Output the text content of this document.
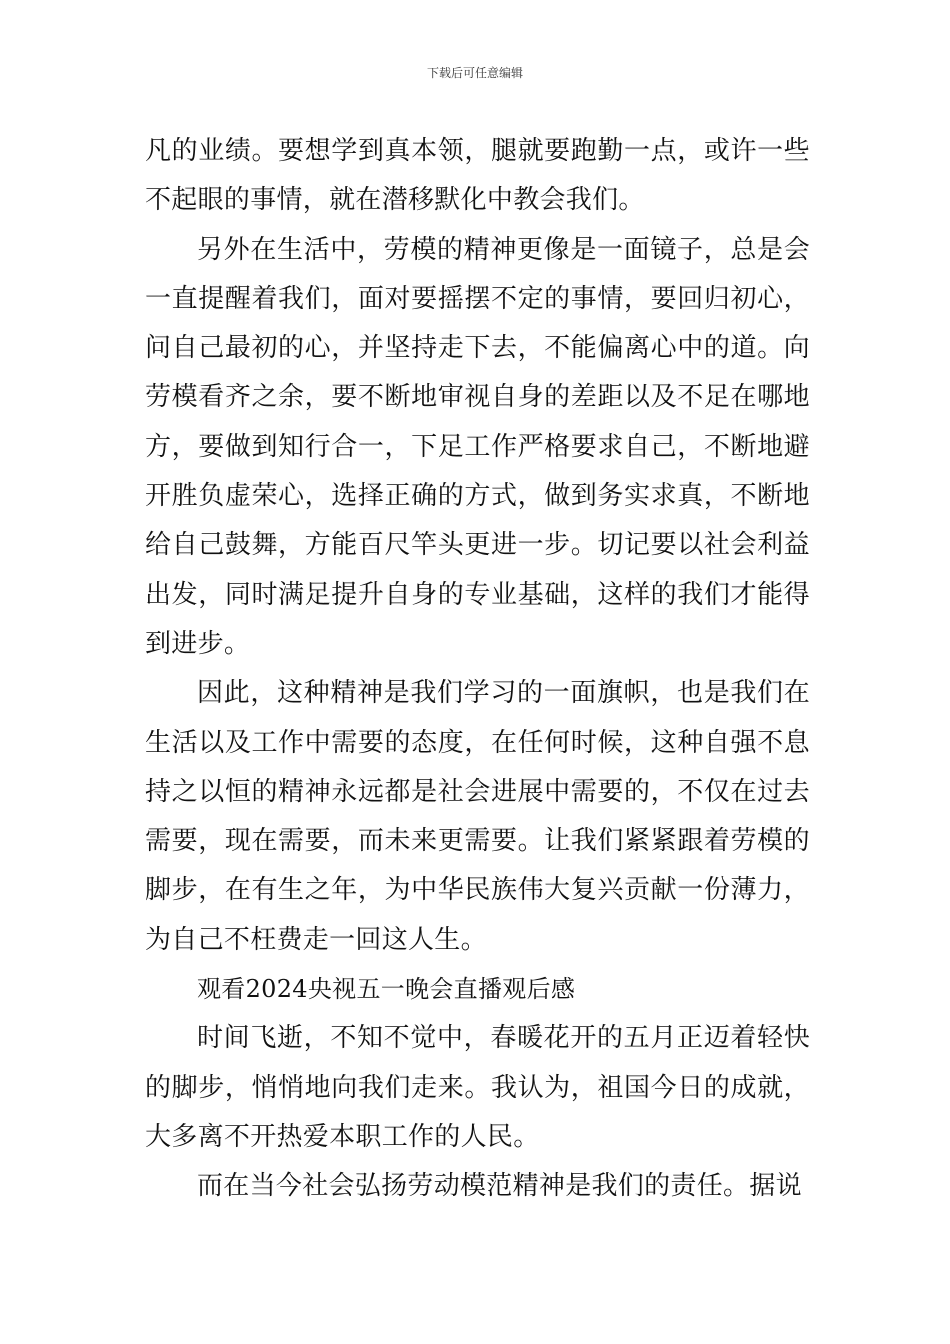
下载后可任意编辑

凡的业绩。要想学到真本领，腿就要跑勤一点，或许一些不起眼的事情，就在潜移默化中教会我们。

另外在生活中，劳模的精神更像是一面镜子，总是会一直提醒着我们，面对要摇摆不定的事情，要回归初心，问自己最初的心，并坚持走下去，不能偏离心中的道。向劳模看齐之余，要不断地审视自身的差距以及不足在哪地方，要做到知行合一，下足工作严格要求自己，不断地避开胜负虚荣心，选择正确的方式，做到务实求真，不断地给自己鼓舞，方能百尺竿头更进一步。切记要以社会利益出发，同时满足提升自身的专业基础，这样的我们才能得到进步。

因此，这种精神是我们学习的一面旗帜，也是我们在生活以及工作中需要的态度，在任何时候，这种自强不息持之以恒的精神永远都是社会进展中需要的，不仅在过去需要，现在需要，而未来更需要。让我们紧紧跟着劳模的脚步，在有生之年，为中华民族伟大复兴贡献一份薄力，为自己不枉费走一回这人生。

观看2024央视五一晚会直播观后感

时间飞逝，不知不觉中，春暖花开的五月正迈着轻快的脚步，悄悄地向我们走来。我认为，祖国今日的成就，大多离不开热爱本职工作的人民。

而在当今社会弘扬劳动模范精神是我们的责任。据说
